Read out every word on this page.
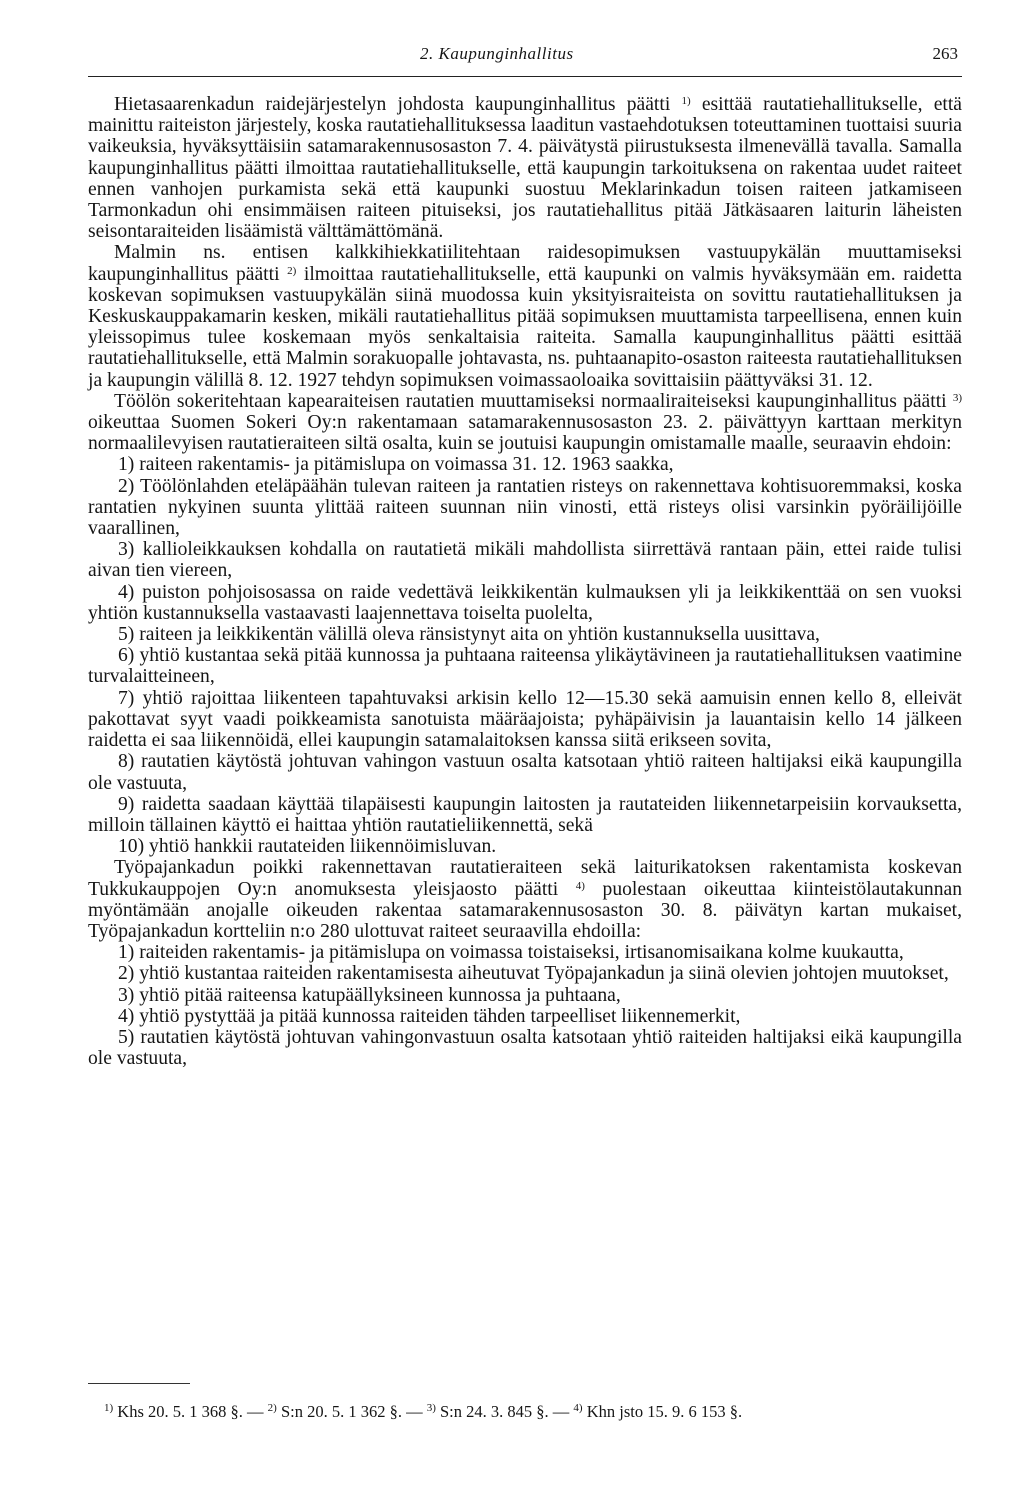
2. Kaupunginhallitus	263

Hietasaarenkadun raidejärjestelyn johdosta kaupunginhallitus päätti $^{1)}$ esittää rautatiehallitukselle, että mainittu raiteiston järjestely, koska rautatiehallituksessa laaditun vastaehdotuksen toteuttaminen tuottaisi suuria vaikeuksia, hyväksyttäisiin satamarakennusosaston 7. 4. päivätystä piirustuksesta ilmenevällä tavalla. Samalla kaupunginhallitus päätti ilmoittaa rautatiehallitukselle, että kaupungin tarkoituksena on rakentaa uudet raiteet ennen vanhojen purkamista sekä että kaupunki suostuu Meklarinkadun toisen raiteen jatkamiseen Tarmonkadun ohi ensimmäisen raiteen pituiseksi, jos rautatiehallitus pitää Jätkäsaaren laiturin läheisten seisontaraiteiden lisäämistä välttämättömänä.

Malmin ns. entisen kalkkihiekkatiilitehtaan raidesopimuksen vastuupykälän muuttamiseksi kaupunginhallitus päätti $^{2)}$ ilmoittaa rautatiehallitukselle, että kaupunki on valmis hyväksymään em. raidetta koskevan sopimuksen vastuupykälän siinä muodossa kuin yksityisraiteista on sovittu rautatiehallituksen ja Keskuskauppakamarin kesken, mikäli rautatiehallitus pitää sopimuksen muuttamista tarpeellisena, ennen kuin yleissopimus tulee koskemaan myös senkaltaisia raiteita. Samalla kaupunginhallitus päätti esittää rautatiehallitukselle, että Malmin sorakuopalle johtavasta, ns. puhtaanapito-osaston raiteesta rautatiehallituksen ja kaupungin välillä 8. 12. 1927 tehdyn sopimuksen voimassaoloaika sovittaisiin päättyväksi 31. 12.

Töölön sokeritehtaan kapearaiteisen rautatien muuttamiseksi normaaliraiteiseksi kaupunginhallitus päätti $^{3)}$ oikeuttaa Suomen Sokeri Oy:n rakentamaan satamarakennusosaston 23. 2. päivättyyn karttaan merkityn normaalilevyisen rautatieraiteen siltä osalta, kuin se joutuisi kaupungin omistamalle maalle, seuraavin ehdoin:

1) raiteen rakentamis- ja pitämislupa on voimassa 31. 12. 1963 saakka,

2) Töölönlahden eteläpäähän tulevan raiteen ja rantatien risteys on rakennettava kohtisuoremmaksi, koska rantatien nykyinen suunta ylittää raiteen suunnan niin vinosti, että risteys olisi varsinkin pyöräilijöille vaarallinen,

3) kallioleikkauksen kohdalla on rautatietä mikäli mahdollista siirrettävä rantaan päin, ettei raide tulisi aivan tien viereen,

4) puiston pohjoisosassa on raide vedettävä leikkikentän kulmauksen yli ja leikkikenttää on sen vuoksi yhtiön kustannuksella vastaavasti laajennettava toiselta puolelta,

5) raiteen ja leikkikentän välillä oleva ränsistynyt aita on yhtiön kustannuksella uusittava,

6) yhtiö kustantaa sekä pitää kunnossa ja puhtaana raiteensa ylikäytävineen ja rautatiehallituksen vaatimine turvalaitteineen,

7) yhtiö rajoittaa liikenteen tapahtuvaksi arkisin kello 12—15.30 sekä aamuisin ennen kello 8, elleivät pakottavat syyt vaadi poikkeamista sanotuista määräajoista; pyhäpäivisin ja lauantaisin kello 14 jälkeen raidetta ei saa liikennöidä, ellei kaupungin satamalaitoksen kanssa siitä erikseen sovita,

8) rautatien käytöstä johtuvan vahingon vastuun osalta katsotaan yhtiö raiteen haltijaksi eikä kaupungilla ole vastuuta,

9) raidetta saadaan käyttää tilapäisesti kaupungin laitosten ja rautateiden liikennetarpeisiin korvauksetta, milloin tällainen käyttö ei haittaa yhtiön rautatieliikennettä, sekä

10) yhtiö hankkii rautateiden liikennöimisluvan.

Työpajankadun poikki rakennettavan rautatieraiteen sekä laiturikatoksen rakentamista koskevan Tukkukauppojen Oy:n anomuksesta yleisjaosto päätti $^{4)}$ puolestaan oikeuttaa kiinteistölautakunnan myöntämään anojalle oikeuden rakentaa satamarakennusosaston 30. 8. päivätyn kartan mukaiset, Työpajankadun kortteliin n:o 280 ulottuvat raiteet seuraavilla ehdoilla:

1) raiteiden rakentamis- ja pitämislupa on voimassa toistaiseksi, irtisanomisaikana kolme kuukautta,

2) yhtiö kustantaa raiteiden rakentamisesta aiheutuvat Työpajankadun ja siinä olevien johtojen muutokset,

3) yhtiö pitää raiteensa katupäällyksineen kunnossa ja puhtaana,

4) yhtiö pystyttää ja pitää kunnossa raiteiden tähden tarpeelliset liikennemerkit,

5) rautatien käytöstä johtuvan vahingonvastuun osalta katsotaan yhtiö raiteiden haltijaksi eikä kaupungilla ole vastuuta,

$^{1)}$ Khs 20. 5. 1 368 §. — $^{2)}$ S:n 20. 5. 1 362 §. — $^{3)}$ S:n 24. 3. 845 §. — $^{4)}$ Khn jsto 15. 9. 6 153 §.
